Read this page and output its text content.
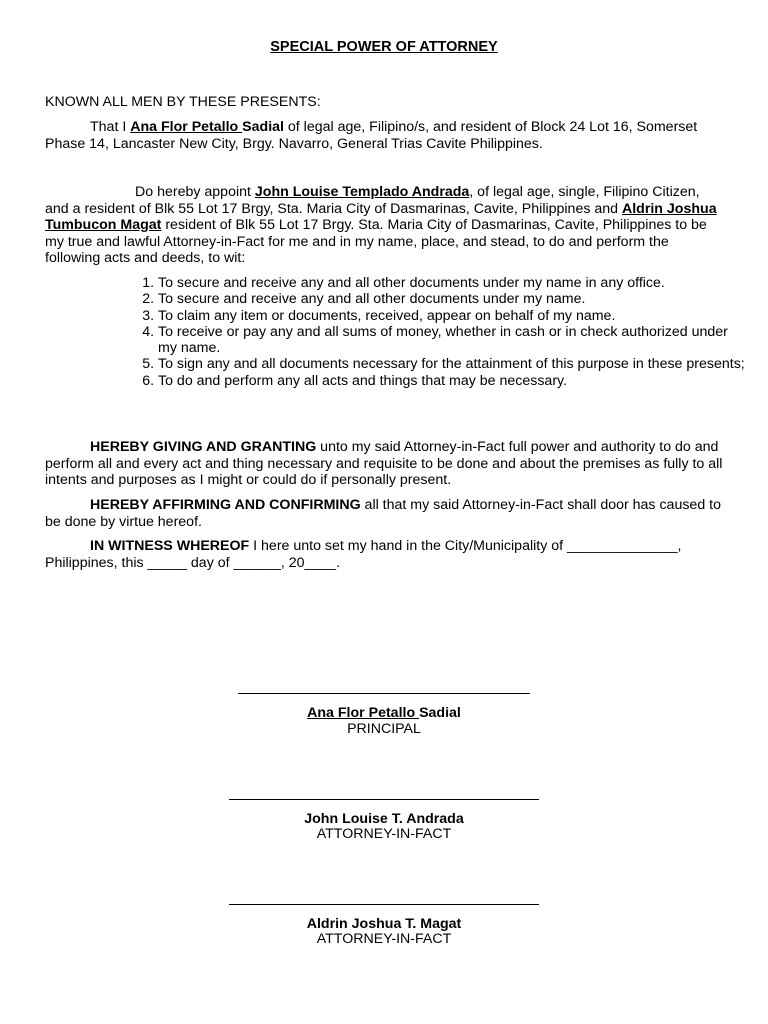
SPECIAL POWER OF ATTORNEY
KNOWN ALL MEN BY THESE PRESENTS:
That I Ana Flor Petallo Sadial of legal age, Filipino/s, and resident of Block 24 Lot 16, Somerset Phase 14, Lancaster New City, Brgy. Navarro, General Trias Cavite Philippines.
Do hereby appoint John Louise Templado Andrada, of legal age, single, Filipino Citizen, and a resident of Blk 55 Lot 17 Brgy, Sta. Maria City of Dasmarinas, Cavite, Philippines and Aldrin Joshua Tumbucon Magat resident of Blk 55 Lot 17 Brgy. Sta. Maria City of Dasmarinas, Cavite, Philippines to be my true and lawful Attorney-in-Fact for me and in my name, place, and stead, to do and perform the following acts and deeds, to wit:
1. To secure and receive any and all other documents under my name in any office.
2. To secure and receive any and all other documents under my name.
3. To claim any item or documents, received, appear on behalf of my name.
4. To receive or pay any and all sums of money, whether in cash or in check authorized under my name.
5. To sign any and all documents necessary for the attainment of this purpose in these presents;
6. To do and perform any all acts and things that may be necessary.
HEREBY GIVING AND GRANTING unto my said Attorney-in-Fact full power and authority to do and perform all and every act and thing necessary and requisite to be done and about the premises as fully to all intents and purposes as I might or could do if personally present.
HEREBY AFFIRMING AND CONFIRMING all that my said Attorney-in-Fact shall door has caused to be done by virtue hereof.
IN WITNESS WHEREOF I here unto set my hand in the City/Municipality of ______________, Philippines, this _____ day of ______, 20____.
Ana Flor Petallo Sadial
PRINCIPAL
John Louise T. Andrada
ATTORNEY-IN-FACT
Aldrin Joshua T. Magat
ATTORNEY-IN-FACT
